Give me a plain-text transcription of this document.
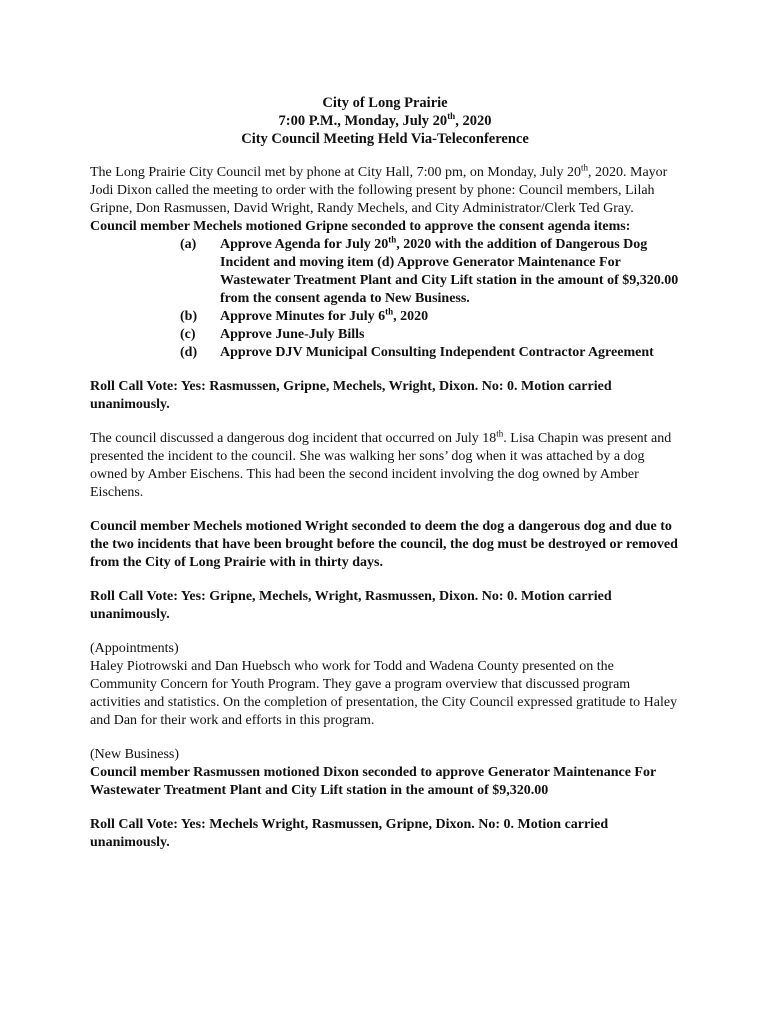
City of Long Prairie
7:00 P.M., Monday, July 20th, 2020
City Council Meeting Held Via-Teleconference

The Long Prairie City Council met by phone at City Hall, 7:00 pm, on Monday, July 20th, 2020. Mayor Jodi Dixon called the meeting to order with the following present by phone: Council members, Lilah Gripne, Don Rasmussen, David Wright, Randy Mechels, and City Administrator/Clerk Ted Gray.

Council member Mechels motioned Gripne seconded to approve the consent agenda items:

(a)	Approve Agenda for July 20th, 2020 with the addition of Dangerous Dog Incident and moving item (d) Approve Generator Maintenance For Wastewater Treatment Plant and City Lift station in the amount of $9,320.00 from the consent agenda to New Business.
(b)	Approve Minutes for July 6th, 2020
(c)	Approve June-July Bills
(d)	Approve DJV Municipal Consulting Independent Contractor Agreement

Roll Call Vote: Yes: Rasmussen, Gripne, Mechels, Wright, Dixon. No: 0. Motion carried unanimously.

The council discussed a dangerous dog incident that occurred on July 18th. Lisa Chapin was present and presented the incident to the council. She was walking her sons’ dog when it was attached by a dog owned by Amber Eischens. This had been the second incident involving the dog owned by Amber Eischens.

Council member Mechels motioned Wright seconded to deem the dog a dangerous dog and due to the two incidents that have been brought before the council, the dog must be destroyed or removed from the City of Long Prairie with in thirty days.

Roll Call Vote: Yes: Gripne, Mechels, Wright, Rasmussen, Dixon. No: 0. Motion carried unanimously.

(Appointments)

Haley Piotrowski and Dan Huebsch who work for Todd and Wadena County presented on the Community Concern for Youth Program. They gave a program overview that discussed program activities and statistics. On the completion of presentation, the City Council expressed gratitude to Haley and Dan for their work and efforts in this program.

(New Business)

Council member Rasmussen motioned Dixon seconded to approve Generator Maintenance For Wastewater Treatment Plant and City Lift station in the amount of $9,320.00

Roll Call Vote: Yes: Mechels Wright, Rasmussen, Gripne, Dixon. No: 0. Motion carried unanimously.
